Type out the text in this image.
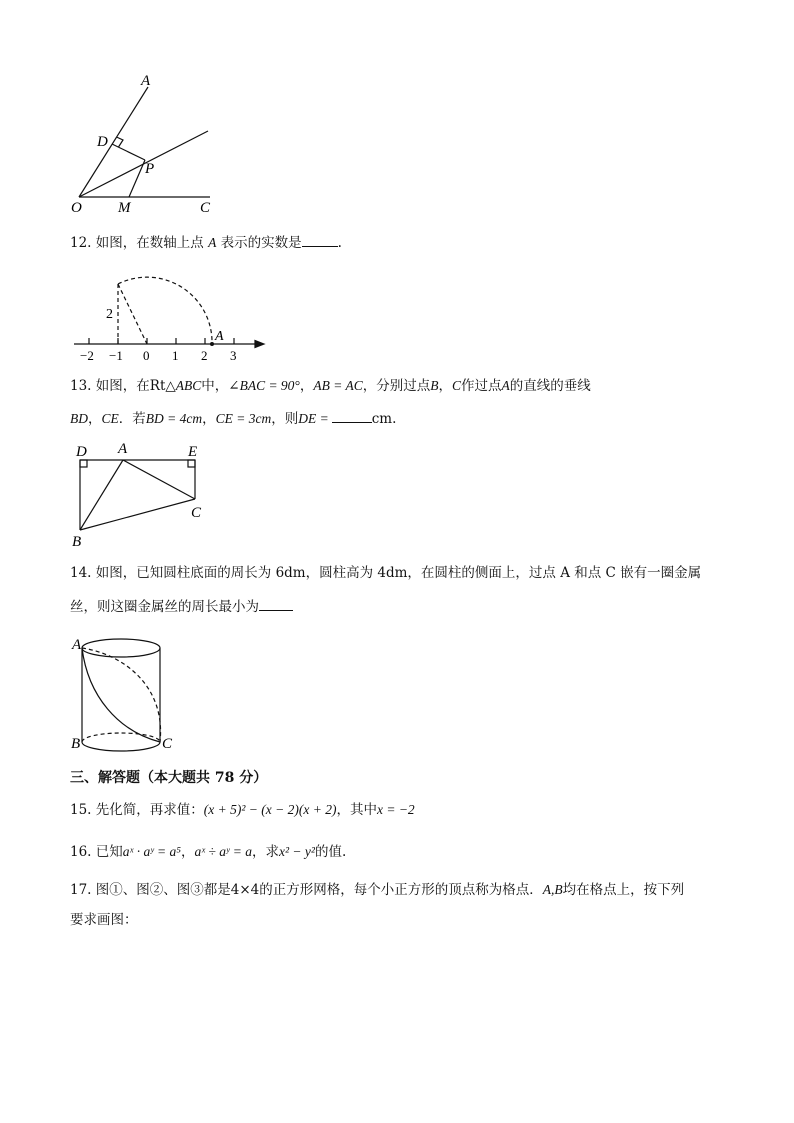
A
D
P
O M	C
12. 如图，在数轴上点 A 表示的实数是	.
2
A
−2 −1 0 1 2 3
13. 如图，在Rt△ABC中，∠BAC = 90°，AB = AC，分别过点B，C作过点A的直线的垂线
BD，CE．若BD = 4cm，CE = 3cm，则DE =	cm.
D A	E
C
B
14. 如图，已知圆柱底面的周长为 6dm，圆柱高为 4dm，在圆柱的侧面上，过点 A 和点 C 嵌有一圈金属
丝，则这圈金属丝的周长最小为
A
B	C
三、解答题（本大题共 78 分）
15. 先化简，再求值：(x + 5)² − (x − 2)(x + 2)，其中x = −2
16. 已知aˣ · aʸ = a⁵，aˣ ÷ aʸ = a，求x² − y²的值.
17. 图①、图②、图③都是4×4的正方形网格，每个小正方形的顶点称为格点．A,B均在格点上，按下列
要求画图：
